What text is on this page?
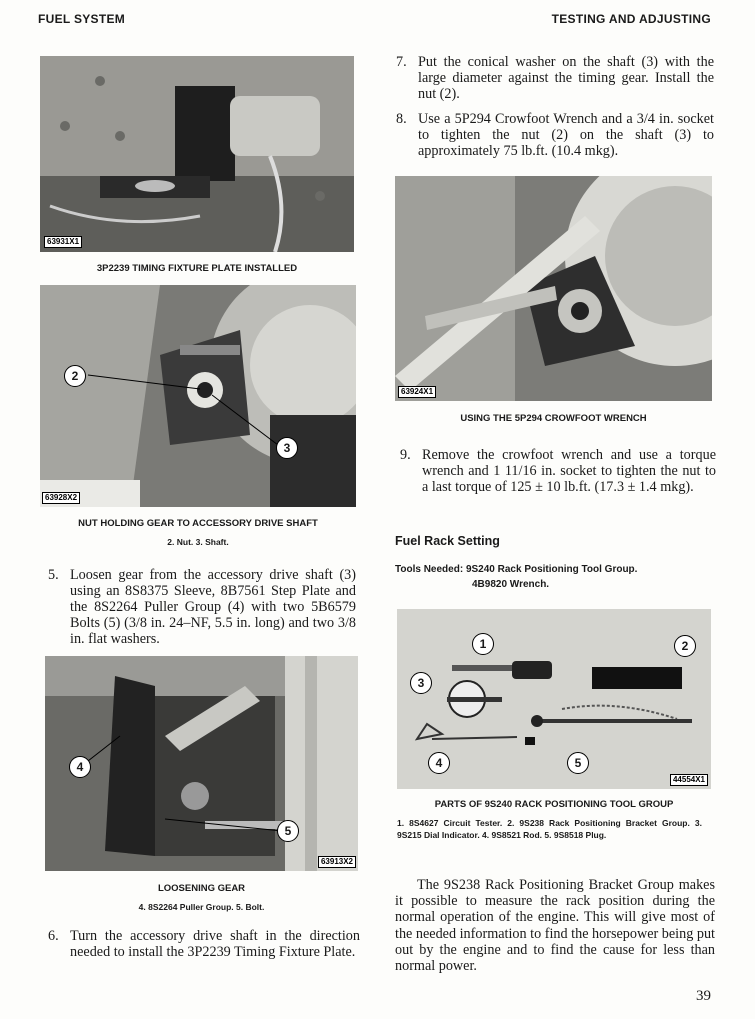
FUEL SYSTEM	TESTING AND ADJUSTING
63931X1
3P2239 TIMING FIXTURE PLATE INSTALLED
2
3
63928X2
NUT HOLDING GEAR TO ACCESSORY DRIVE SHAFT
2. Nut. 3. Shaft.
5. Loosen gear from the accessory drive shaft (3) using an 8S8375 Sleeve, 8B7561 Step Plate and the 8S2264 Puller Group (4) with two 5B6579 Bolts (5) (3/8 in. 24–NF, 5.5 in. long) and two 3/8 in. flat washers.
4
5
63913X2
LOOSENING GEAR
4. 8S2264 Puller Group. 5. Bolt.
6. Turn the accessory drive shaft in the direction needed to install the 3P2239 Timing Fixture Plate.
7. Put the conical washer on the shaft (3) with the large diameter against the timing gear. Install the nut (2).
8. Use a 5P294 Crowfoot Wrench and a 3/4 in. socket to tighten the nut (2) on the shaft (3) to approximately 75 lb.ft. (10.4 mkg).
63924X1
USING THE 5P294 CROWFOOT WRENCH
9. Remove the crowfoot wrench and use a torque wrench and 1 11/16 in. socket to tighten the nut to a last torque of 125 ± 10 lb.ft. (17.3 ± 1.4 mkg).
Fuel Rack Setting
Tools Needed: 9S240 Rack Positioning Tool Group.
4B9820 Wrench.
1	2
3
4	5
44554X1
PARTS OF 9S240 RACK POSITIONING TOOL GROUP
1. 8S4627 Circuit Tester. 2. 9S238 Rack Positioning Bracket Group. 3. 9S215 Dial Indicator. 4. 9S8521 Rod. 5. 9S8518 Plug.
The 9S238 Rack Positioning Bracket Group makes it possible to measure the rack position during the normal operation of the engine. This will give most of the needed information to find the horsepower being put out by the engine and to find the cause for less than normal power.
39
